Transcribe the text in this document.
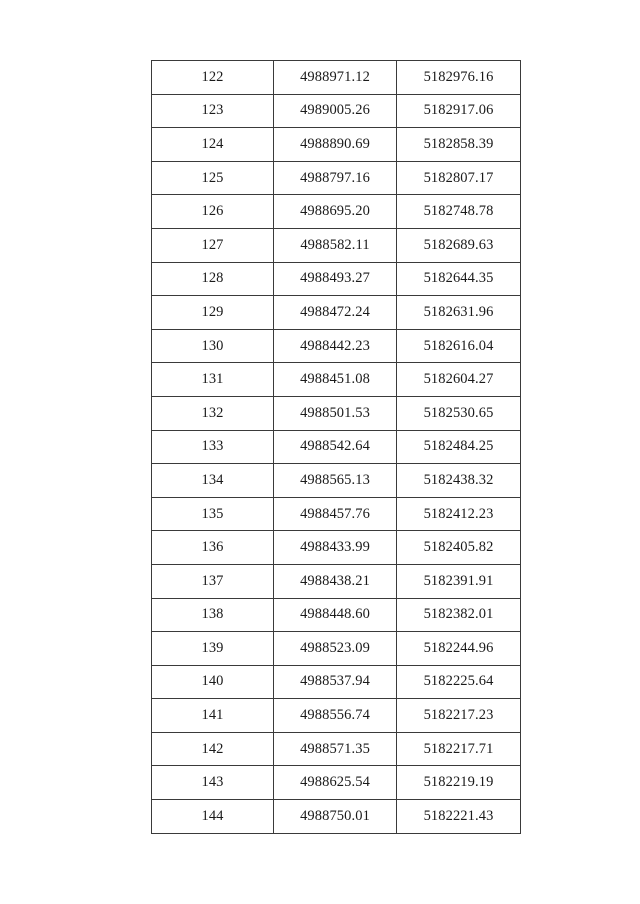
122	4988971.12	5182976.16
123	4989005.26	5182917.06
124	4988890.69	5182858.39
125	4988797.16	5182807.17
126	4988695.20	5182748.78
127	4988582.11	5182689.63
128	4988493.27	5182644.35
129	4988472.24	5182631.96
130	4988442.23	5182616.04
131	4988451.08	5182604.27
132	4988501.53	5182530.65
133	4988542.64	5182484.25
134	4988565.13	5182438.32
135	4988457.76	5182412.23
136	4988433.99	5182405.82
137	4988438.21	5182391.91
138	4988448.60	5182382.01
139	4988523.09	5182244.96
140	4988537.94	5182225.64
141	4988556.74	5182217.23
142	4988571.35	5182217.71
143	4988625.54	5182219.19
144	4988750.01	5182221.43
